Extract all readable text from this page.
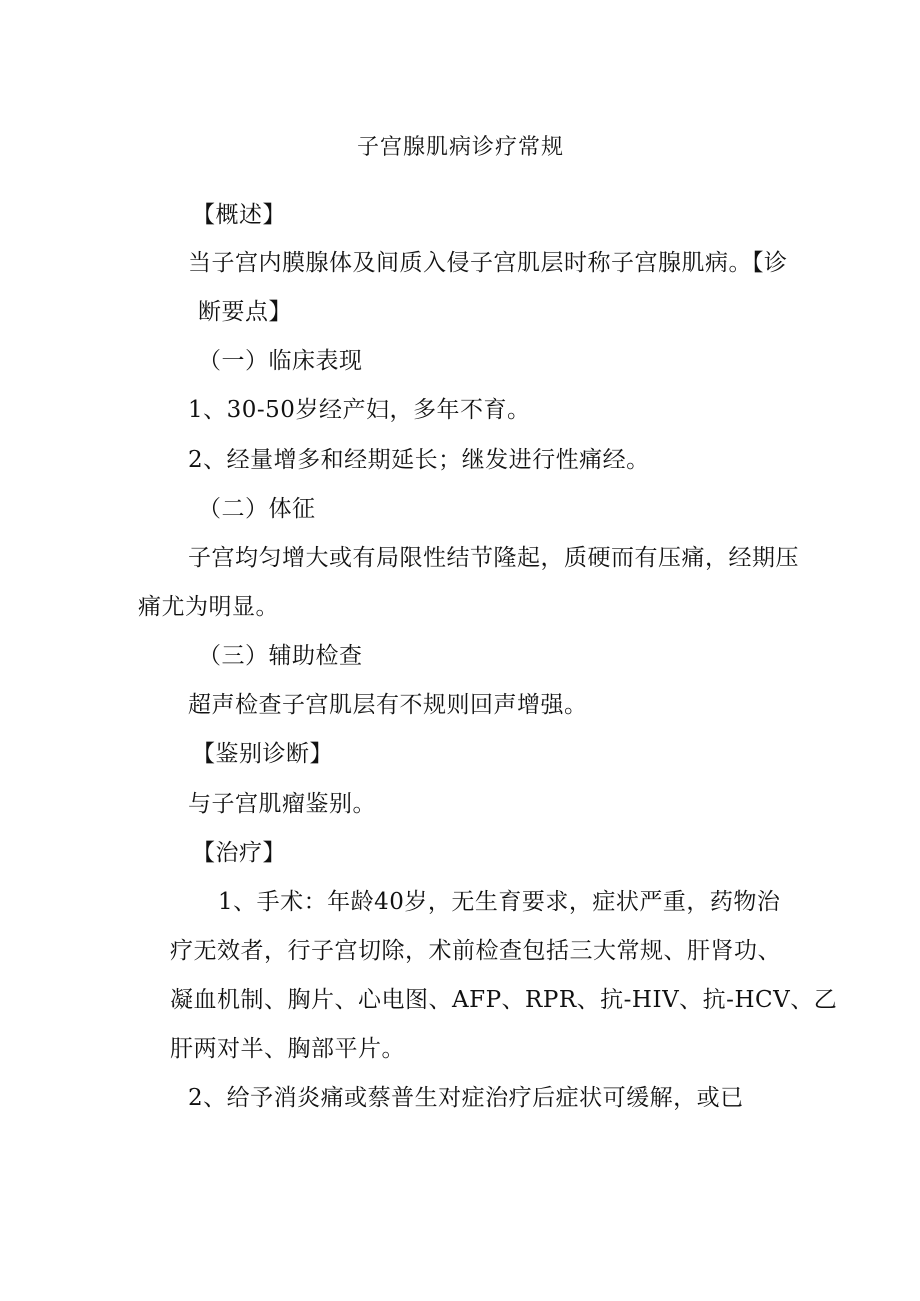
子宫腺肌病诊疗常规
【概述】
当子宫内膜腺体及间质入侵子宫肌层时称子宫腺肌病。【诊
断要点】
（一）临床表现
1、30-50岁经产妇，多年不育。
2、经量增多和经期延长；继发进行性痛经。
（二）体征
子宫均匀增大或有局限性结节隆起，质硬而有压痛，经期压
痛尤为明显。
（三）辅助检查
超声检查子宫肌层有不规则回声增强。
【鉴别诊断】
与子宫肌瘤鉴别。
【治疗】
1、手术：年龄40岁，无生育要求，症状严重，药物治
疗无效者，行子宫切除，术前检查包括三大常规、肝肾功、
凝血机制、胸片、心电图、AFP、RPR、抗-HIV、抗-HCV、乙
肝两对半、胸部平片。
2、给予消炎痛或蔡普生对症治疗后症状可缓解，或已
